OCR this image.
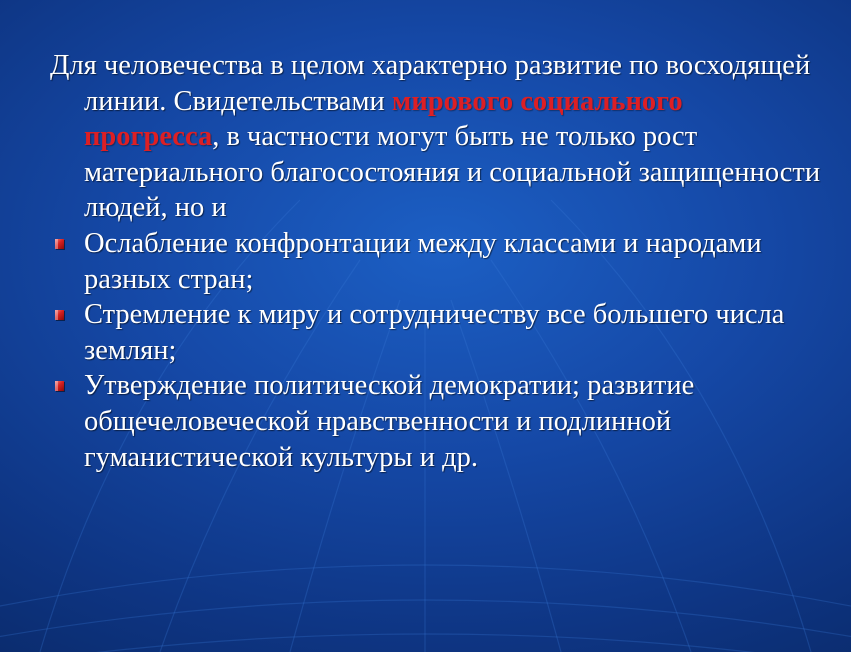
Для человечества в целом характерно развитие по восходящей линии. Свидетельствами мирового социального прогресса, в частности могут быть не только рост материального благосостояния и социальной защищенности людей, но и

Ослабление конфронтации между классами и народами разных стран;
Стремление к миру и сотрудничеству все большего числа землян;
Утверждение политической демократии; развитие общечеловеческой нравственности и подлинной гуманистической культуры и др.
